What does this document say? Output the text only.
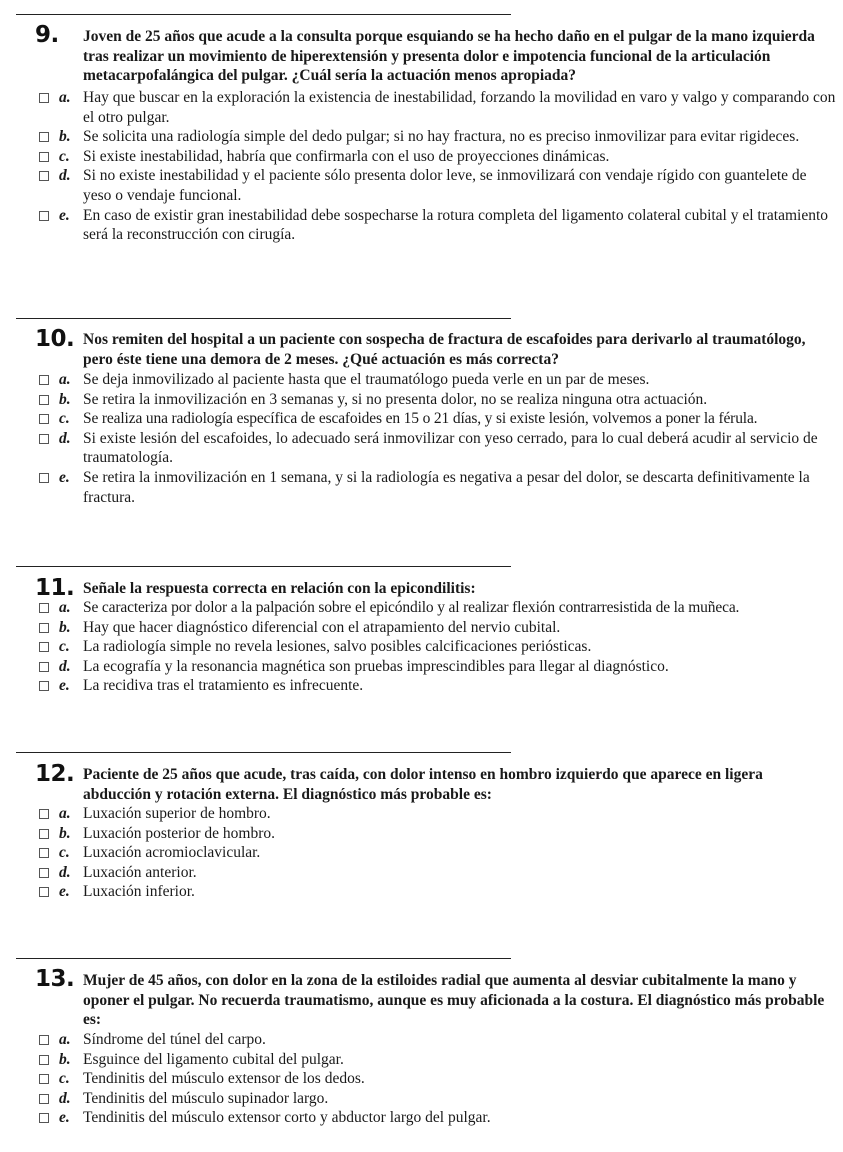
9. Joven de 25 años que acude a la consulta porque esquiando se ha hecho daño en el pulgar de la mano izquierda tras realizar un movimiento de hiperextensión y presenta dolor e impotencia funcional de la articulación metacarpofalángica del pulgar. ¿Cuál sería la actuación menos apropiada?
a. Hay que buscar en la exploración la existencia de inestabilidad, forzando la movilidad en varo y valgo y comparando con el otro pulgar.
b. Se solicita una radiología simple del dedo pulgar; si no hay fractura, no es preciso inmovilizar para evitar rigideces.
c. Si existe inestabilidad, habría que confirmarla con el uso de proyecciones dinámicas.
d. Si no existe inestabilidad y el paciente sólo presenta dolor leve, se inmovilizará con vendaje rígido con guantelete de yeso o vendaje funcional.
e. En caso de existir gran inestabilidad debe sospecharse la rotura completa del ligamento colateral cubital y el tratamiento será la reconstrucción con cirugía.
10. Nos remiten del hospital a un paciente con sospecha de fractura de escafoides para derivarlo al traumatólogo, pero éste tiene una demora de 2 meses. ¿Qué actuación es más correcta?
a. Se deja inmovilizado al paciente hasta que el traumatólogo pueda verle en un par de meses.
b. Se retira la inmovilización en 3 semanas y, si no presenta dolor, no se realiza ninguna otra actuación.
c. Se realiza una radiología específica de escafoides en 15 o 21 días, y si existe lesión, volvemos a poner la férula.
d. Si existe lesión del escafoides, lo adecuado será inmovilizar con yeso cerrado, para lo cual deberá acudir al servicio de traumatología.
e. Se retira la inmovilización en 1 semana, y si la radiología es negativa a pesar del dolor, se descarta definitivamente la fractura.
11. Señale la respuesta correcta en relación con la epicondilitis:
a. Se caracteriza por dolor a la palpación sobre el epicóndilo y al realizar flexión contrarresistida de la muñeca.
b. Hay que hacer diagnóstico diferencial con el atrapamiento del nervio cubital.
c. La radiología simple no revela lesiones, salvo posibles calcificaciones periósticas.
d. La ecografía y la resonancia magnética son pruebas imprescindibles para llegar al diagnóstico.
e. La recidiva tras el tratamiento es infrecuente.
12. Paciente de 25 años que acude, tras caída, con dolor intenso en hombro izquierdo que aparece en ligera abducción y rotación externa. El diagnóstico más probable es:
a. Luxación superior de hombro.
b. Luxación posterior de hombro.
c. Luxación acromioclavicular.
d. Luxación anterior.
e. Luxación inferior.
13. Mujer de 45 años, con dolor en la zona de la estiloides radial que aumenta al desviar cubitalmente la mano y oponer el pulgar. No recuerda traumatismo, aunque es muy aficionada a la costura. El diagnóstico más probable es:
a. Síndrome del túnel del carpo.
b. Esguince del ligamento cubital del pulgar.
c. Tendinitis del músculo extensor de los dedos.
d. Tendinitis del músculo supinador largo.
e. Tendinitis del músculo extensor corto y abductor largo del pulgar.
